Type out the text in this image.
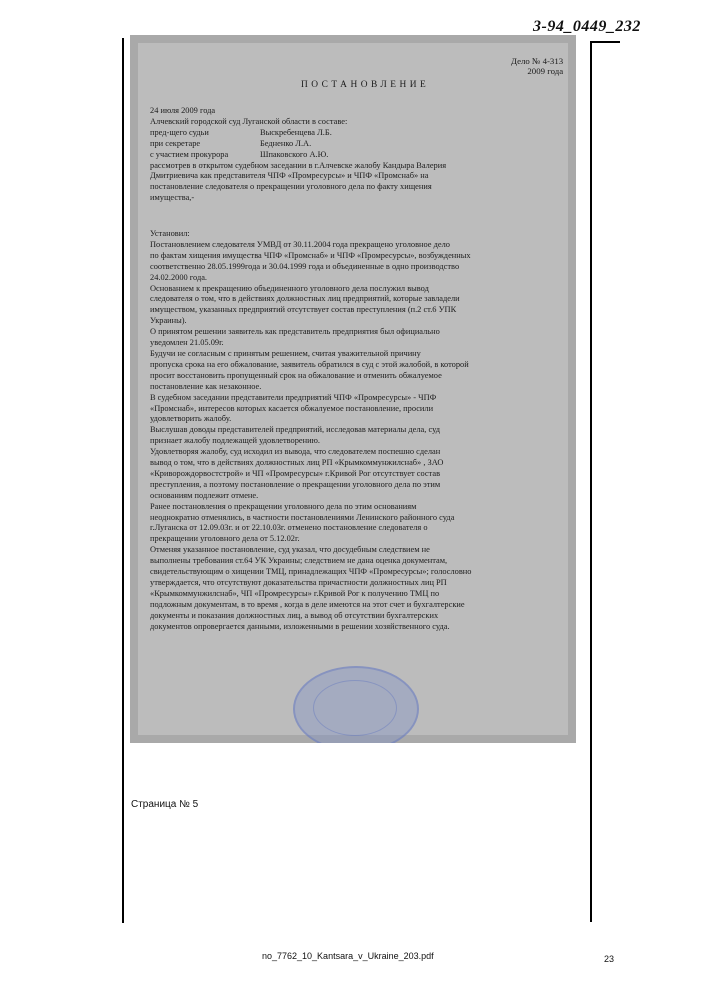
3-94_0449_232
Дело № 4-313
2009 года
ПОСТАНОВЛЕНИЕ
24 июля 2009 года
Алчевский городской суд Луганской области в составе:
пред-щего судьи	Выскребенцева Л.Б.
при секретаре	Бедненко Л.А.
с участием прокурора	Шпаковского А.Ю.
рассмотрев в открытом судебном заседании в г.Алчевске жалобу Кандыра Валерия
Дмитриевича как представителя ЧПФ «Промресурсы» и ЧПФ «Промснаб» на
постановление следователя о прекращении уголовного дела по факту хищения
имущества,-
Установил:
Постановлением следователя УМВД от 30.11.2004 года прекращено уголовное дело
по фактам хищения имущества ЧПФ «Промснаб» и ЧПФ «Промресурсы», возбужденных
соответственно 28.05.1999года и 30.04.1999 года и объединенные в одно производство
24.02.2000 года.
Основанием к прекращению объединенного уголовного дела послужил вывод
следователя о том, что в действиях должностных лиц предприятий, которые завладели
имуществом, указанных предприятий отсутствует состав преступления (п.2 ст.6 УПК
Украины).
О принятом решении заявитель как представитель предприятия был официально
уведомлен 21.05.09г.
Будучи не согласным с принятым решением, считая уважительной причину
пропуска срока на его обжалование, заявитель обратился в суд с этой жалобой, в которой
просит восстановить пропущенный срок на обжалование и отменить обжалуемое
постановление как незаконное.
В судебном заседании представители предприятий ЧПФ «Промресурсы» - ЧПФ
«Промснаб», интересов которых касается обжалуемое постановление, просили
удовлетворить жалобу.
Выслушав доводы представителей предприятий, исследовав материалы дела, суд
признает жалобу подлежащей удовлетворению.
Удовлетворяя жалобу, суд исходил из вывода, что следователем поспешно сделан
вывод о том, что в действиях должностных лиц РП «Крымкоммунжилснаб» , ЗАО
«Криворождорвостстрой» и ЧП «Промресурсы» г.Кривой Рог отсутствует состав
преступления, а поэтому постановление о прекращении уголовного дела по этим
основаниям подлежит отмене.
Ранее постановления о прекращении уголовного дела по этим основаниям
неоднократно отменялись, в частности постановлениями Ленинского районного суда
г.Луганска от 12.09.03г. и от 22.10.03г. отменено постановление следователя о
прекращении уголовного дела от 5.12.02г.
Отменяя указанное постановление, суд указал, что досудебным следствием не
выполнены требования ст.64 УК Украины; следствием не дана оценка документам,
свидетельствующим о хищении ТМЦ, принадлежащих ЧПФ «Промресурсы»; голословно
утверждается, что отсутствуют доказательства причастности должностных лиц РП
«Крымкоммунжилснаб», ЧП «Промресурсы» г.Кривой Рог к получению ТМЦ по
подложным документам, в то время , когда в деле имеются на этот счет и бухгалтерские
документы и показания должностных лиц, а вывод об отсутствии бухгалтерских
документов опровергается данными, изложенными в решении хозяйственного суда.
Страница № 5
no_7762_10_Kantsara_v_Ukraine_203.pdf	23
